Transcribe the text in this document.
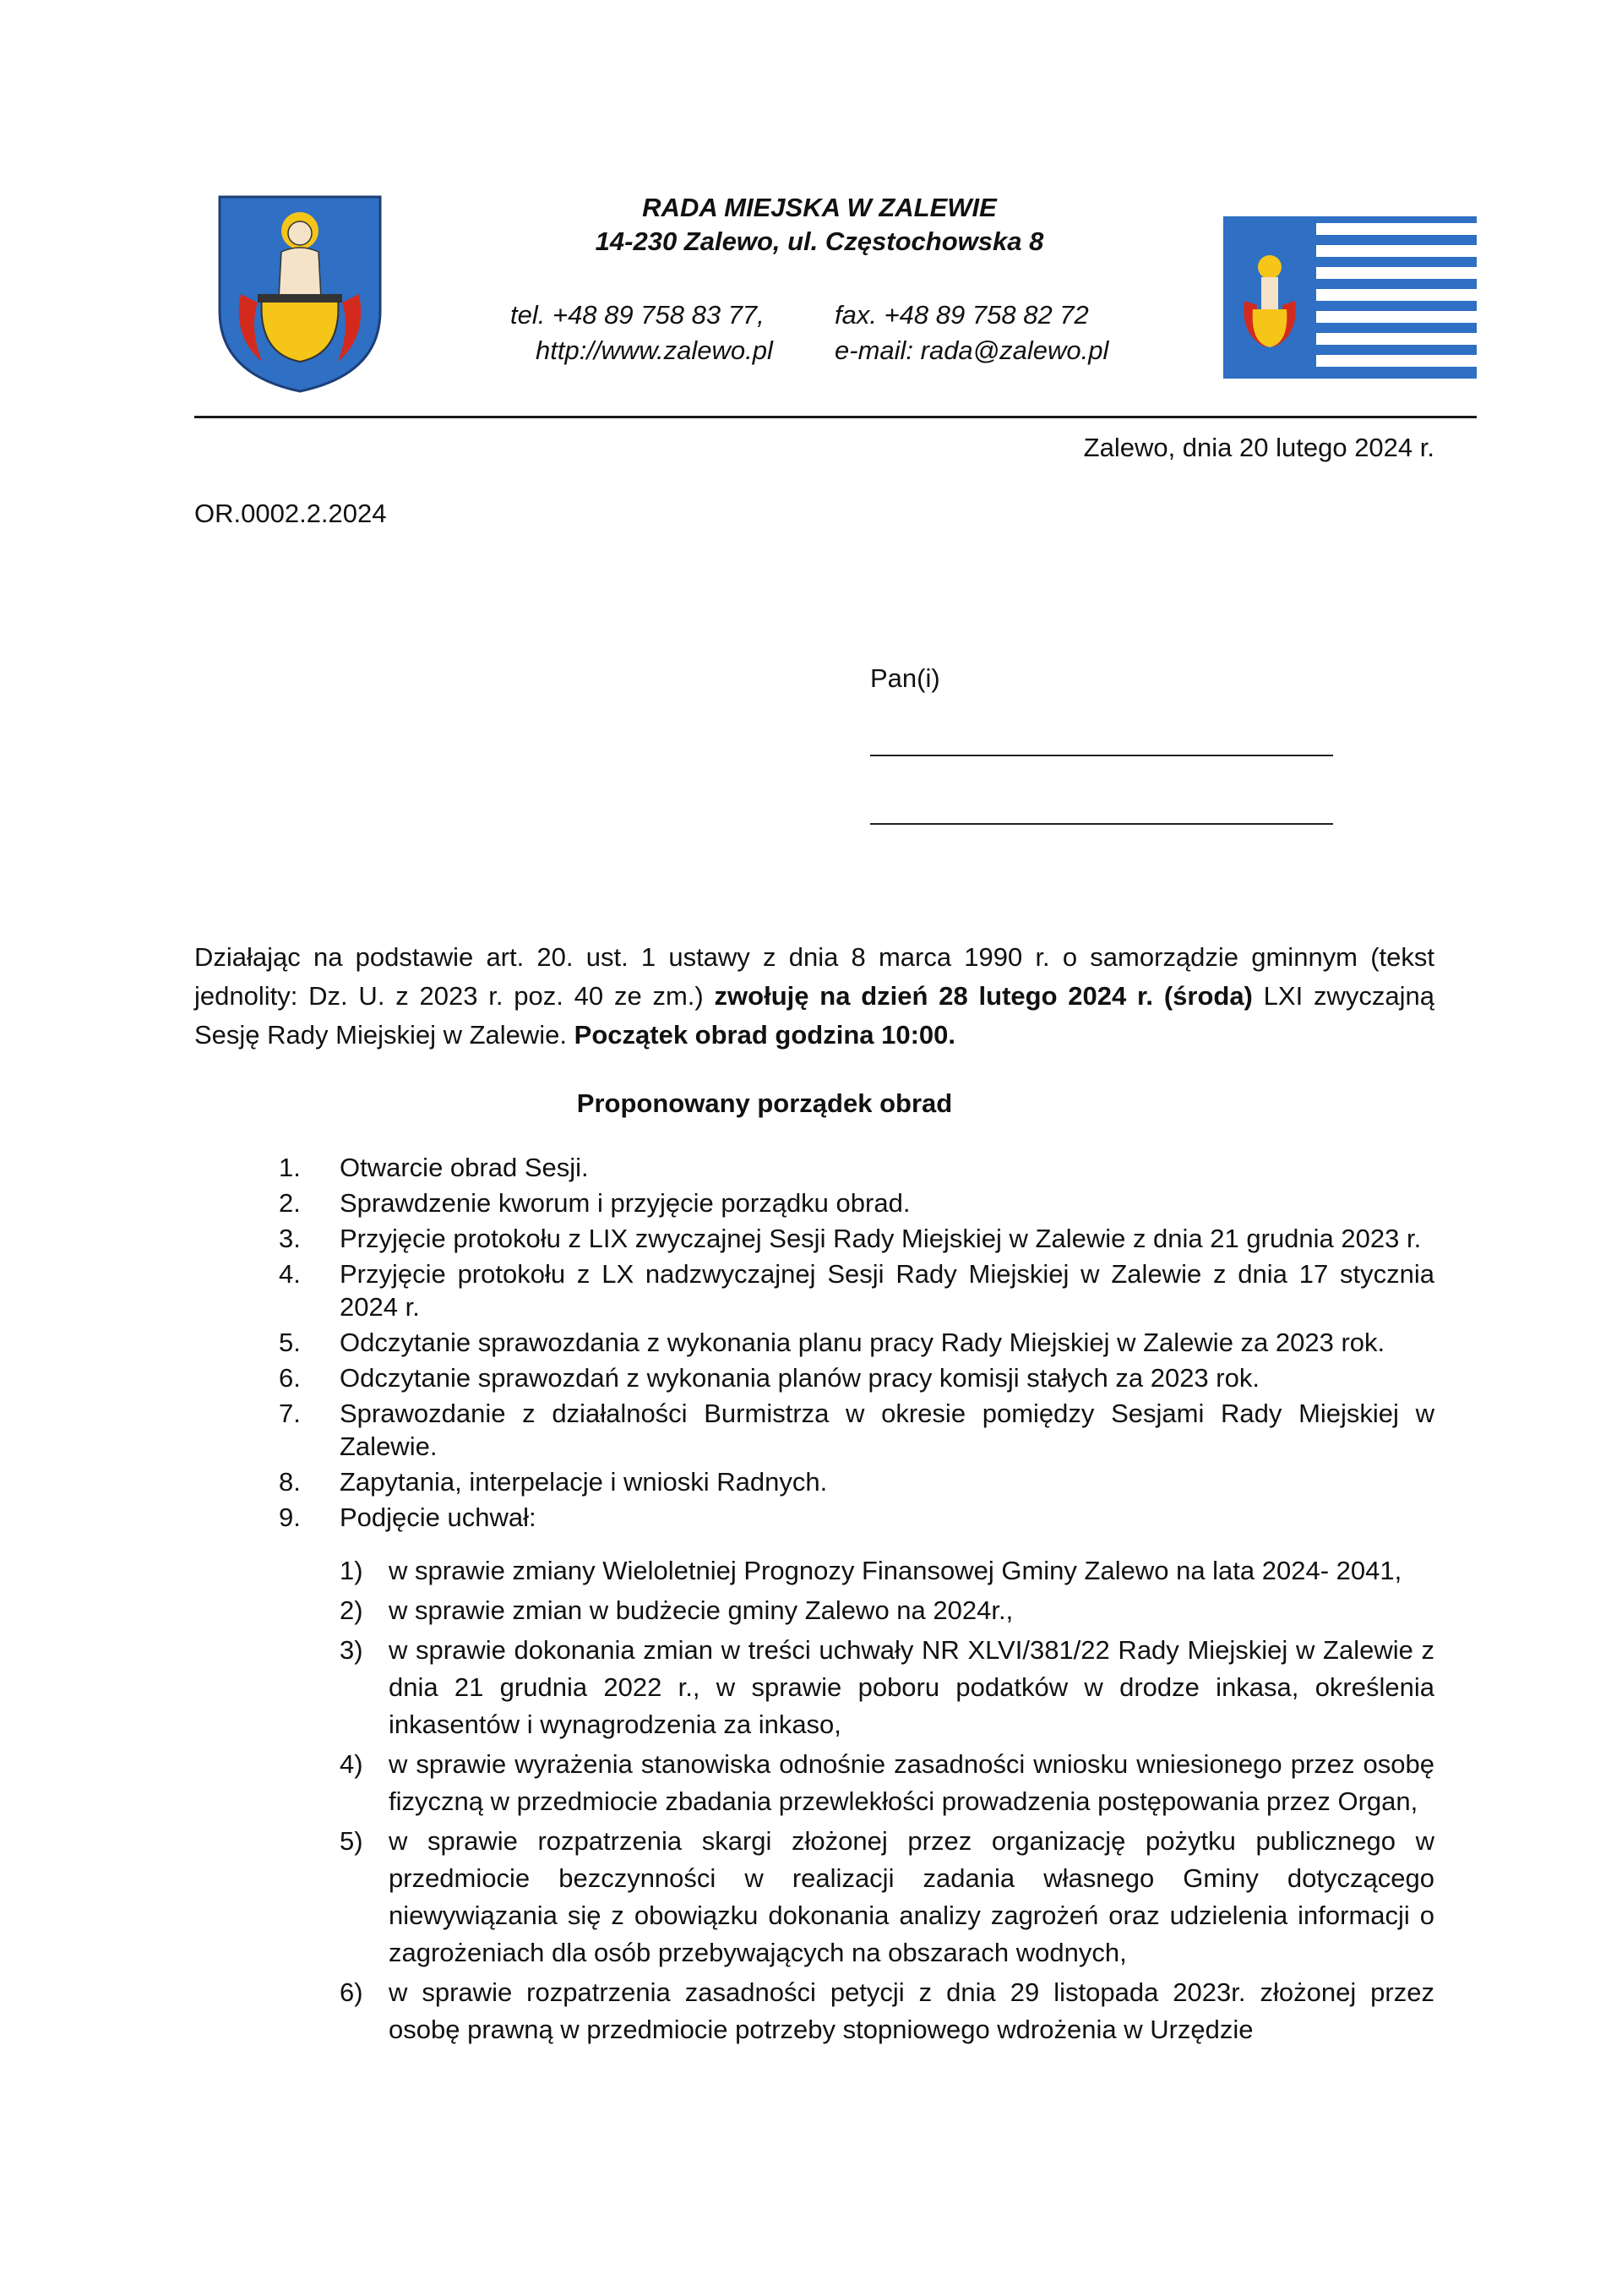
RADA MIEJSKA W ZALEWIE
14-230 Zalewo, ul. Częstochowska 8
tel. +48 89 758 83 77,
http://www.zalewo.pl
fax. +48 89 758 82 72
e-mail: rada@zalewo.pl
Zalewo, dnia 20 lutego 2024 r.
OR.0002.2.2024
Pan(i)
Działając na podstawie art. 20. ust. 1 ustawy z dnia 8 marca 1990 r. o samorządzie gminnym (tekst jednolity: Dz. U. z 2023 r. poz. 40 ze zm.) zwołuję na dzień 28 lutego 2024 r. (środa) LXI zwyczajną Sesję Rady Miejskiej w Zalewie. Początek obrad godzina 10:00.
Proponowany porządek obrad
1.	Otwarcie obrad Sesji.
2.	Sprawdzenie kworum i przyjęcie porządku obrad.
3.	Przyjęcie protokołu z LIX zwyczajnej Sesji Rady Miejskiej w Zalewie z dnia 21 grudnia 2023 r.
4.	Przyjęcie protokołu z LX nadzwyczajnej Sesji Rady Miejskiej w Zalewie z dnia 17 stycznia 2024 r.
5.	Odczytanie sprawozdania z wykonania planu pracy Rady Miejskiej w Zalewie za 2023 rok.
6.	Odczytanie sprawozdań z wykonania planów pracy komisji stałych za 2023 rok.
7.	Sprawozdanie z działalności Burmistrza w okresie pomiędzy Sesjami Rady Miejskiej w Zalewie.
8.	Zapytania, interpelacje i wnioski Radnych.
9.	Podjęcie uchwał:
1) w sprawie zmiany Wieloletniej Prognozy Finansowej Gminy Zalewo na lata 2024- 2041,
2) w sprawie zmian w budżecie gminy Zalewo na 2024r.,
3) w sprawie dokonania zmian w treści uchwały NR XLVI/381/22 Rady Miejskiej w Zalewie z dnia 21 grudnia 2022 r., w sprawie poboru podatków w drodze inkasa, określenia inkasentów i wynagrodzenia za inkaso,
4) w sprawie wyrażenia stanowiska odnośnie zasadności wniosku wniesionego przez osobę fizyczną w przedmiocie zbadania przewlekłości prowadzenia postępowania przez Organ,
5) w sprawie rozpatrzenia skargi złożonej przez organizację pożytku publicznego w przedmiocie bezczynności w realizacji zadania własnego Gminy dotyczącego niewywiązania się z obowiązku dokonania analizy zagrożeń oraz udzielenia informacji o zagrożeniach dla osób przebywających na obszarach wodnych,
6) w sprawie rozpatrzenia zasadności petycji z dnia 29 listopada 2023r. złożonej przez osobę prawną w przedmiocie potrzeby stopniowego wdrożenia w Urzędzie
